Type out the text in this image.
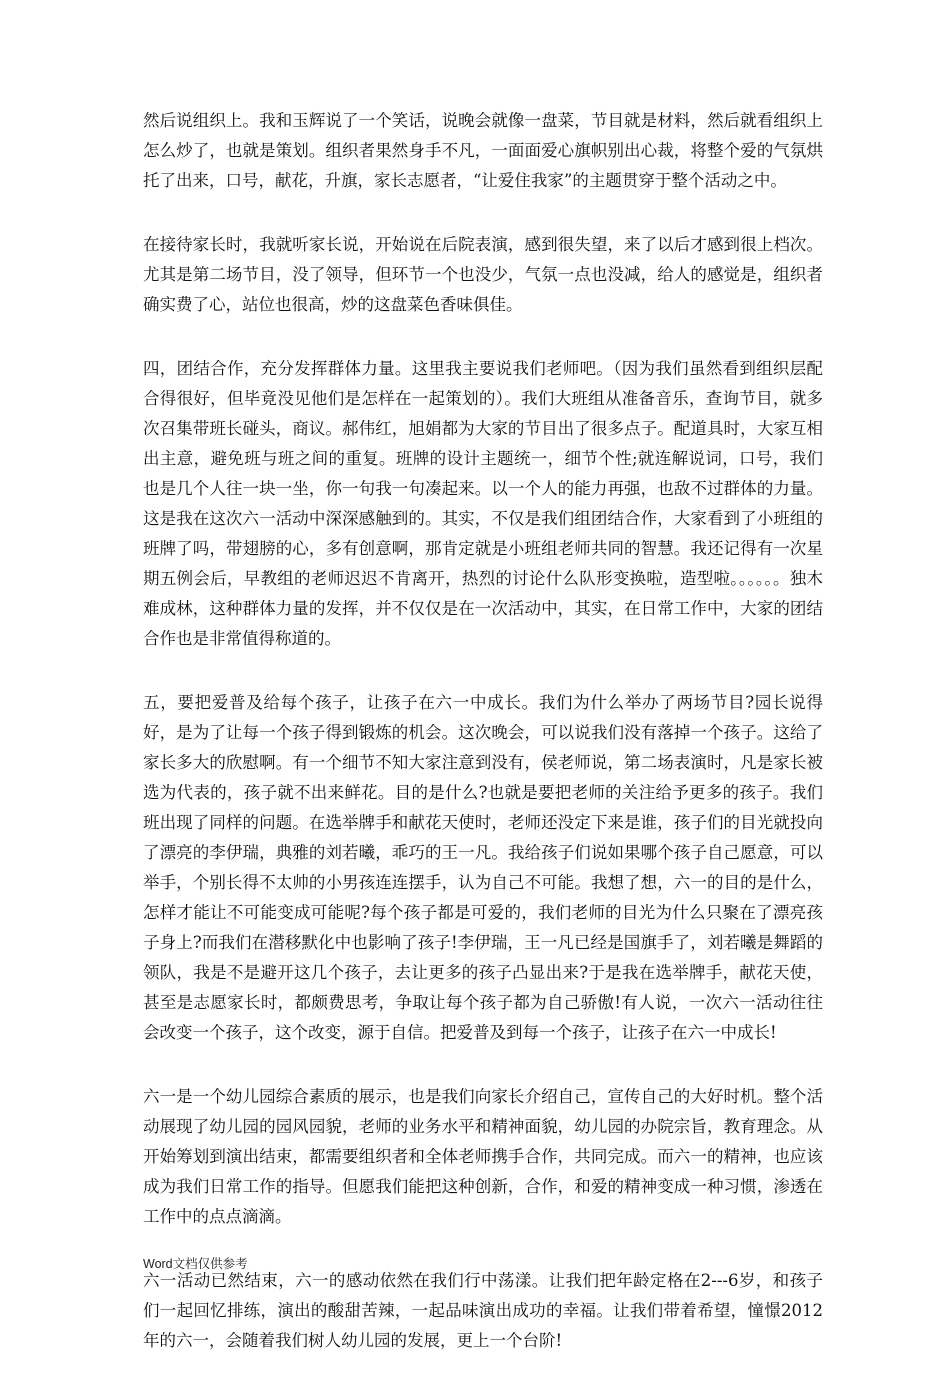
然后说组织上。我和玉辉说了一个笑话，说晚会就像一盘菜，节目就是材料，然后就看组织上怎么炒了，也就是策划。组织者果然身手不凡，一面面爱心旗帜别出心裁，将整个爱的气氛烘托了出来，口号，献花，升旗，家长志愿者，“让爱住我家”的主题贯穿于整个活动之中。

在接待家长时，我就听家长说，开始说在后院表演，感到很失望，来了以后才感到很上档次。尤其是第二场节目，没了领导，但环节一个也没少，气氛一点也没减，给人的感觉是，组织者确实费了心，站位也很高，炒的这盘菜色香味俱佳。

四，团结合作，充分发挥群体力量。这里我主要说我们老师吧。（因为我们虽然看到组织层配合得很好，但毕竟没见他们是怎样在一起策划的）。我们大班组从准备音乐，查询节目，就多次召集带班长碰头，商议。郝伟红，旭娟都为大家的节目出了很多点子。配道具时，大家互相出主意，避免班与班之间的重复。班牌的设计主题统一，细节个性;就连解说词，口号，我们也是几个人往一块一坐，你一句我一句凑起来。以一个人的能力再强，也敌不过群体的力量。这是我在这次六一活动中深深感触到的。其实，不仅是我们组团结合作，大家看到了小班组的班牌了吗，带翅膀的心，多有创意啊，那肯定就是小班组老师共同的智慧。我还记得有一次星期五例会后，早教组的老师迟迟不肯离开，热烈的讨论什么队形变换啦，造型啦。。。。。。独木难成林，这种群体力量的发挥，并不仅仅是在一次活动中，其实，在日常工作中，大家的团结合作也是非常值得称道的。

五，要把爱普及给每个孩子，让孩子在六一中成长。我们为什么举办了两场节目?园长说得好，是为了让每一个孩子得到锻炼的机会。这次晚会，可以说我们没有落掉一个孩子。这给了家长多大的欣慰啊。有一个细节不知大家注意到没有，侯老师说，第二场表演时，凡是家长被选为代表的，孩子就不出来鲜花。目的是什么?也就是要把老师的关注给予更多的孩子。我们班出现了同样的问题。在选举牌手和献花天使时，老师还没定下来是谁，孩子们的目光就投向了漂亮的李伊瑞，典雅的刘若曦，乖巧的王一凡。我给孩子们说如果哪个孩子自己愿意，可以举手，个别长得不太帅的小男孩连连摆手，认为自己不可能。我想了想，六一的目的是什么，怎样才能让不可能变成可能呢?每个孩子都是可爱的，我们老师的目光为什么只聚在了漂亮孩子身上?而我们在潜移默化中也影响了孩子!李伊瑞，王一凡已经是国旗手了，刘若曦是舞蹈的领队，我是不是避开这几个孩子，去让更多的孩子凸显出来?于是我在选举牌手，献花天使，甚至是志愿家长时，都颇费思考，争取让每个孩子都为自己骄傲!有人说，一次六一活动往往会改变一个孩子，这个改变，源于自信。把爱普及到每一个孩子，让孩子在六一中成长!

六一是一个幼儿园综合素质的展示，也是我们向家长介绍自己，宣传自己的大好时机。整个活动展现了幼儿园的园风园貌，老师的业务水平和精神面貌，幼儿园的办院宗旨，教育理念。从开始筹划到演出结束，都需要组织者和全体老师携手合作，共同完成。而六一的精神，也应该成为我们日常工作的指导。但愿我们能把这种创新，合作，和爱的精神变成一种习惯，渗透在工作中的点点滴滴。

六一活动已然结束，六一的感动依然在我们行中荡漾。让我们把年龄定格在2---6岁，和孩子们一起回忆排练，演出的酸甜苦辣，一起品味演出成功的幸福。让我们带着希望，憧憬2012年的六一，会随着我们树人幼儿园的发展，更上一个台阶!

Word文档仅供参考
